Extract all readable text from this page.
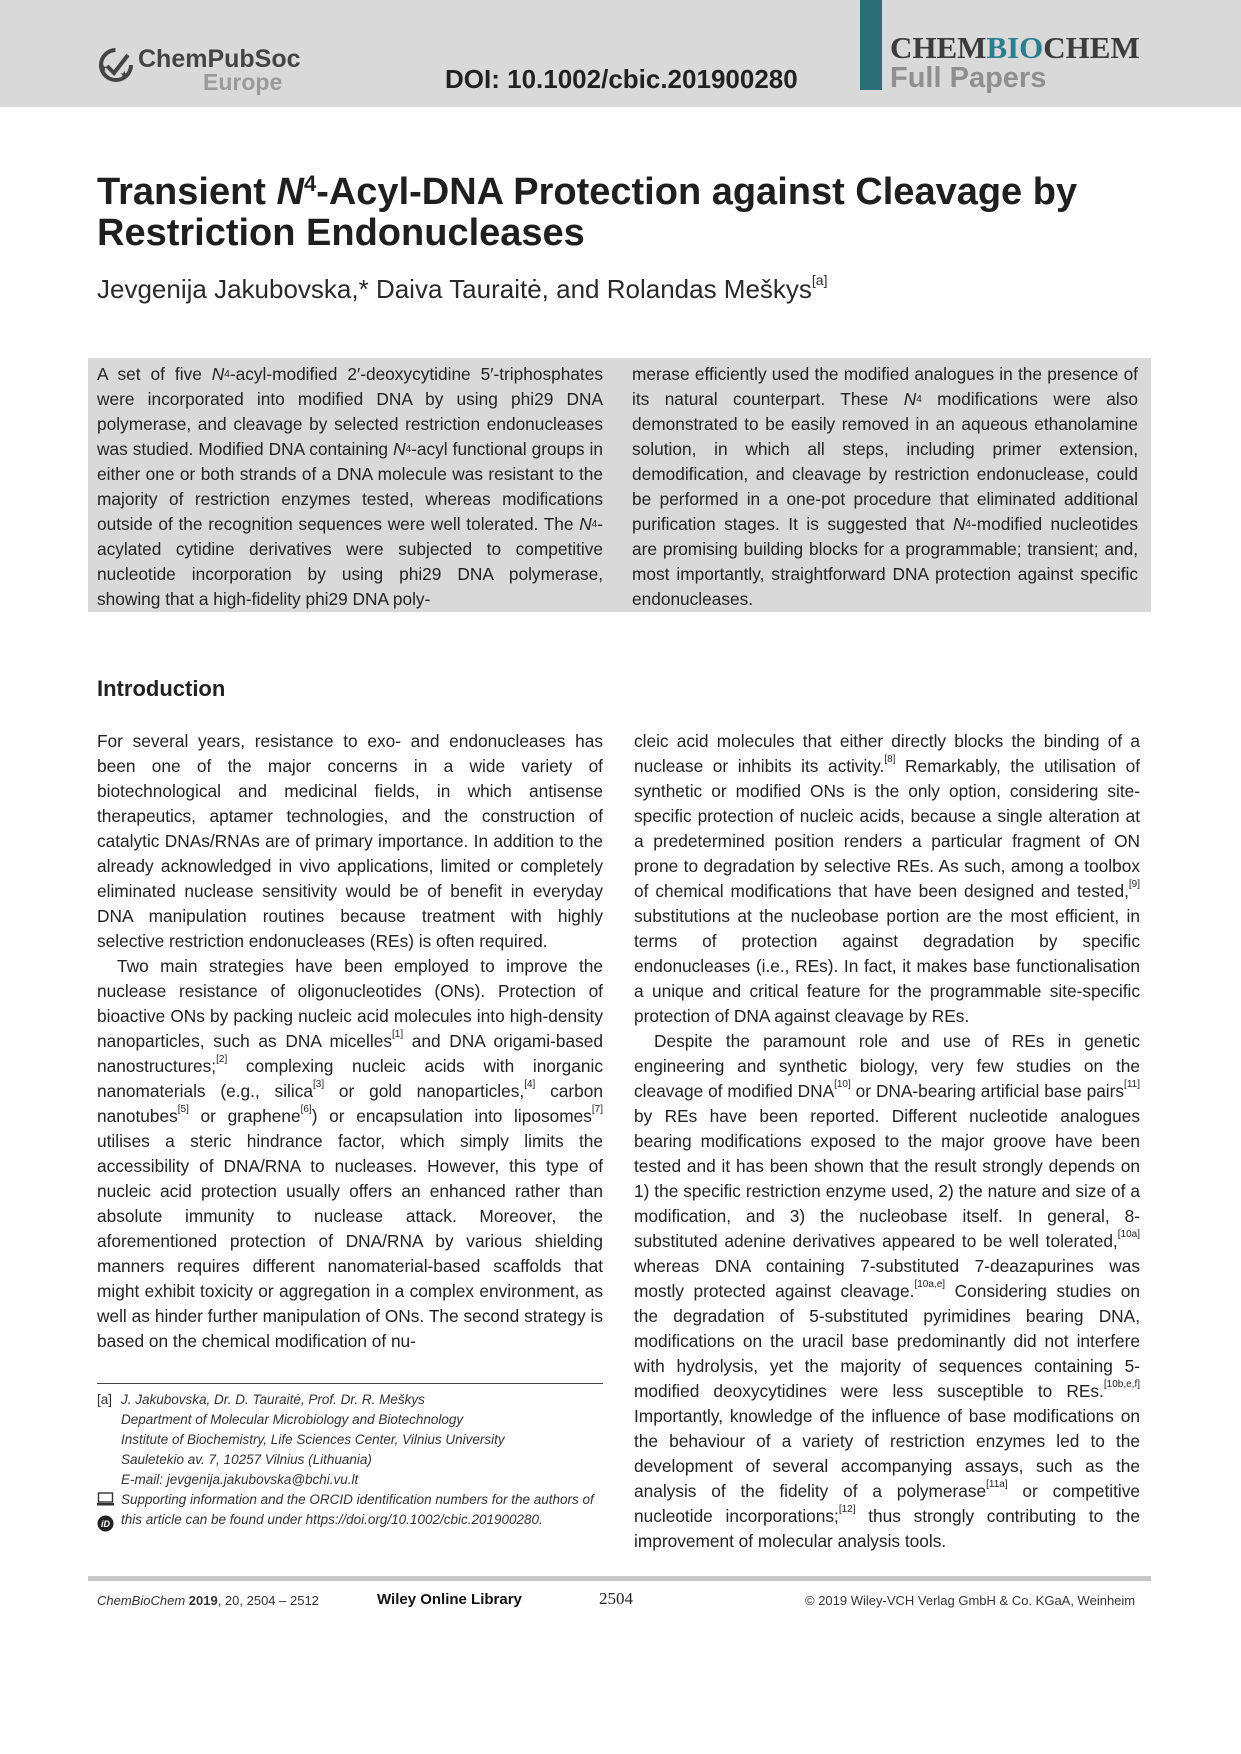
ChemPubSoc
Europe	DOI: 10.1002/cbic.201900280
CHEMBIOCHEM
Full Papers
Transient $N^4-Acyl$-DNA Protection against Cleavage by Restriction Endonucleases
Jevgenija Jakubovska,* Daiva Tauraitė, and Rolandas Meškys[a]
A set of five $N^4-acyl$-modified 2′-deoxycytidine 5′-triphosphates were incorporated into modified DNA by using phi29 DNA polymerase, and cleavage by selected restriction endonucleases was studied. Modified DNA containing $N^4$-acyl functional groups in either one or both strands of a DNA molecule was resistant to the majority of restriction enzymes tested, whereas modifications outside of the recognition sequences were well tolerated. The $N^4$-acylated cytidine derivatives were subjected to competitive nucleotide incorporation by using phi29 DNA polymerase, showing that a high-fidelity phi29 DNA poly-
merase efficiently used the modified analogues in the presence of its natural counterpart. These $N^4$ modifications were also demonstrated to be easily removed in an aqueous ethanolamine solution, in which all steps, including primer extension, demodification, and cleavage by restriction endonuclease, could be performed in a one-pot procedure that eliminated additional purification stages. It is suggested that $N^4$-modified nucleotides are promising building blocks for a programmable; transient; and, most importantly, straightforward DNA protection against specific endonucleases.
Introduction

For several years, resistance to exo- and endonucleases has been one of the major concerns in a wide variety of biotechnological and medicinal fields, in which antisense therapeutics, aptamer technologies, and the construction of catalytic DNAs/RNAs are of primary importance. In addition to the already acknowledged in vivo applications, limited or completely eliminated nuclease sensitivity would be of benefit in everyday DNA manipulation routines because treatment with highly selective restriction endonucleases (REs) is often required.

Two main strategies have been employed to improve the nuclease resistance of oligonucleotides (ONs). Protection of bioactive ONs by packing nucleic acid molecules into high-density nanoparticles, such as DNA micelles[1] and DNA origami-based nanostructures;[2] complexing nucleic acids with inorganic nanomaterials (e.g., silica[3] or gold nanoparticles,[4] carbon nanotubes[5] or graphene[6]) or encapsulation into liposomes[7] utilises a steric hindrance factor, which simply limits the accessibility of DNA/RNA to nucleases. However, this type of nucleic acid protection usually offers an enhanced rather than absolute immunity to nuclease attack. Moreover, the aforementioned protection of DNA/RNA by various shielding manners requires different nanomaterial-based scaffolds that might exhibit toxicity or aggregation in a complex environment, as well as hinder further manipulation of ONs. The second strategy is based on the chemical modification of nu-

cleic acid molecules that either directly blocks the binding of a nuclease or inhibits its activity.[8] Remarkably, the utilisation of synthetic or modified ONs is the only option, considering site-specific protection of nucleic acids, because a single alteration at a predetermined position renders a particular fragment of ON prone to degradation by selective REs. As such, among a toolbox of chemical modifications that have been designed and tested,[9] substitutions at the nucleobase portion are the most efficient, in terms of protection against degradation by specific endonucleases (i.e., REs). In fact, it makes base functionalisation a unique and critical feature for the programmable site-specific protection of DNA against cleavage by REs.

Despite the paramount role and use of REs in genetic engineering and synthetic biology, very few studies on the cleavage of modified DNA[10] or DNA-bearing artificial base pairs[11] by REs have been reported. Different nucleotide analogues bearing modifications exposed to the major groove have been tested and it has been shown that the result strongly depends on 1) the specific restriction enzyme used, 2) the nature and size of a modification, and 3) the nucleobase itself. In general, 8-substituted adenine derivatives appeared to be well tolerated,[10a] whereas DNA containing 7-substituted 7-deazapurines was mostly protected against cleavage.[10a,e] Considering studies on the degradation of 5-substituted pyrimidines bearing DNA, modifications on the uracil base predominantly did not interfere with hydrolysis, yet the majority of sequences containing 5-modified deoxycytidines were less susceptible to REs.[10b,e,f] Importantly, knowledge of the influence of base modifications on the behaviour of a variety of restriction enzymes led to the development of several accompanying assays, such as the analysis of the fidelity of a polymerase[11a] or competitive nucleotide incorporations;[12] thus strongly contributing to the improvement of molecular analysis tools.

[a] J. Jakubovska, Dr. D. Tauraitė, Prof. Dr. R. Meškys
Department of Molecular Microbiology and Biotechnology
Institute of Biochemistry, Life Sciences Center, Vilnius University
Sauletekio av. 7, 10257 Vilnius (Lithuania)
E-mail: jevgenija.jakubovska@bchi.vu.lt

iD
Supporting information and the ORCID identification numbers for the authors of this article can be found under https://doi.org/10.1002/cbic.201900280.
ChemBioChem 2019, 20, 2504 – 2512	Wiley Online Library	2504	© 2019 Wiley-VCH Verlag GmbH & Co. KGaA, Weinheim
